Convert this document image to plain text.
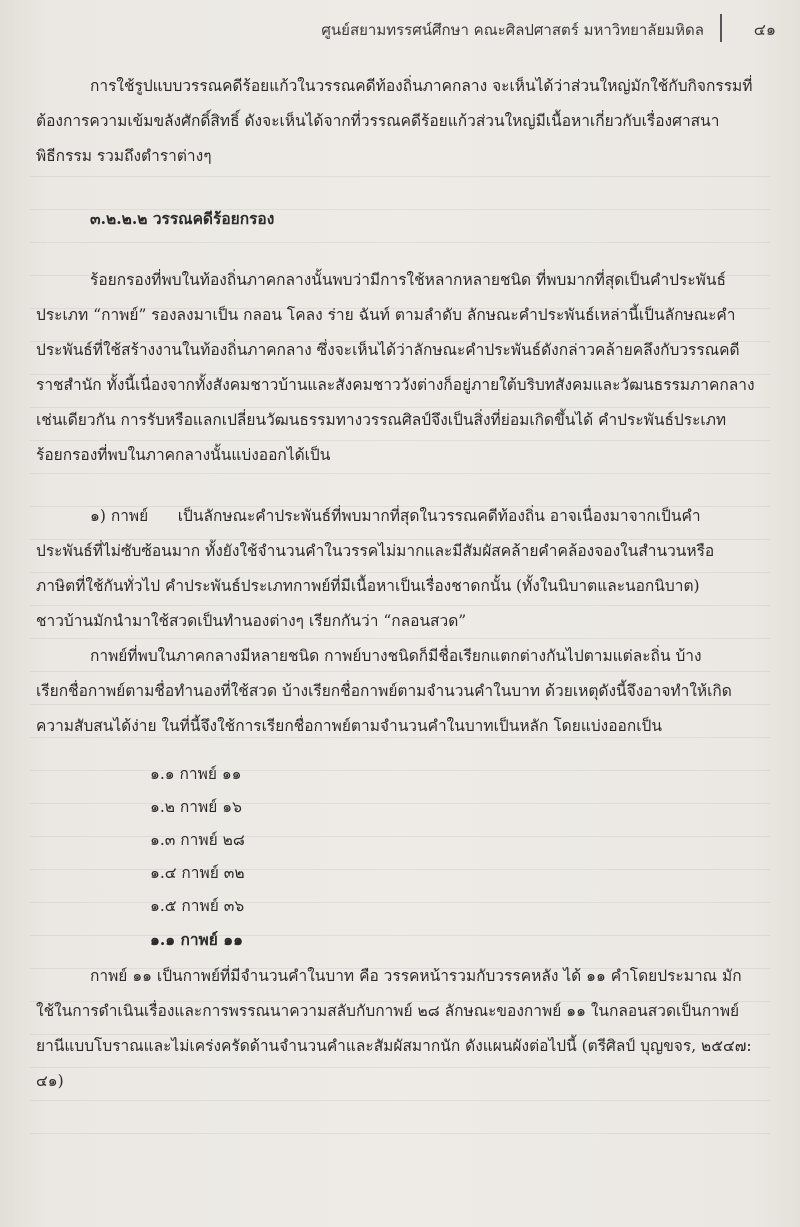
ศูนย์สยามทรรศน์ศึกษา คณะศิลปศาสตร์ มหาวิทยาลัยมหิดล	๔๑
การใช้รูปแบบวรรณคดีร้อยแก้วในวรรณคดีท้องถิ่นภาคกลาง จะเห็นได้ว่าส่วนใหญ่มักใช้กับกิจกรรมที่
ต้องการความเข้มขลังศักดิ์สิทธิ์ ดังจะเห็นได้จากที่วรรณคดีร้อยแก้วส่วนใหญ่มีเนื้อหาเกี่ยวกับเรื่องศาสนา
พิธีกรรม รวมถึงตำราต่างๆ
๓.๒.๒.๒ วรรณคดีร้อยกรอง
ร้อยกรองที่พบในท้องถิ่นภาคกลางนั้นพบว่ามีการใช้หลากหลายชนิด ที่พบมากที่สุดเป็นคำประพันธ์
ประเภท “กาพย์” รองลงมาเป็น กลอน โคลง ร่าย ฉันท์ ตามลำดับ ลักษณะคำประพันธ์เหล่านี้เป็นลักษณะคำ
ประพันธ์ที่ใช้สร้างงานในท้องถิ่นภาคกลาง ซึ่งจะเห็นได้ว่าลักษณะคำประพันธ์ดังกล่าวคล้ายคลึงกับวรรณคดี
ราชสำนัก ทั้งนี้เนื่องจากทั้งสังคมชาวบ้านและสังคมชาววังต่างก็อยู่ภายใต้บริบทสังคมและวัฒนธรรมภาคกลาง
เช่นเดียวกัน การรับหรือแลกเปลี่ยนวัฒนธรรมทางวรรณศิลป์จึงเป็นสิ่งที่ย่อมเกิดขึ้นได้ คำประพันธ์ประเภท
ร้อยกรองที่พบในภาคกลางนั้นแบ่งออกได้เป็น
๑) กาพย์      เป็นลักษณะคำประพันธ์ที่พบมากที่สุดในวรรณคดีท้องถิ่น อาจเนื่องมาจากเป็นคำ
ประพันธ์ที่ไม่ซับซ้อนมาก ทั้งยังใช้จำนวนคำในวรรคไม่มากและมีสัมผัสคล้ายคำคล้องจองในสำนวนหรือ
ภาษิตที่ใช้กันทั่วไป คำประพันธ์ประเภทกาพย์ที่มีเนื้อหาเป็นเรื่องชาดกนั้น (ทั้งในนิบาตและนอกนิบาต)
ชาวบ้านมักนำมาใช้สวดเป็นทำนองต่างๆ เรียกกันว่า “กลอนสวด”
กาพย์ที่พบในภาคกลางมีหลายชนิด กาพย์บางชนิดก็มีชื่อเรียกแตกต่างกันไปตามแต่ละถิ่น บ้าง
เรียกชื่อกาพย์ตามชื่อทำนองที่ใช้สวด บ้างเรียกชื่อกาพย์ตามจำนวนคำในบาท ด้วยเหตุดังนี้จึงอาจทำให้เกิด
ความสับสนได้ง่าย ในที่นี้จึงใช้การเรียกชื่อกาพย์ตามจำนวนคำในบาทเป็นหลัก โดยแบ่งออกเป็น
๑.๑ กาพย์ ๑๑
๑.๒ กาพย์ ๑๖
๑.๓ กาพย์ ๒๘
๑.๔ กาพย์ ๓๒
๑.๕ กาพย์ ๓๖
๑.๑ กาพย์ ๑๑
กาพย์ ๑๑ เป็นกาพย์ที่มีจำนวนคำในบาท คือ วรรคหน้ารวมกับวรรคหลัง ได้ ๑๑ คำโดยประมาณ มัก
ใช้ในการดำเนินเรื่องและการพรรณนาความสลับกับกาพย์ ๒๘ ลักษณะของกาพย์ ๑๑ ในกลอนสวดเป็นกาพย์
ยานีแบบโบราณและไม่เคร่งครัดด้านจำนวนคำและสัมผัสมากนัก ดังแผนผังต่อไปนี้ (ตรีศิลป์ บุญขจร, ๒๕๔๗:
๔๑)
